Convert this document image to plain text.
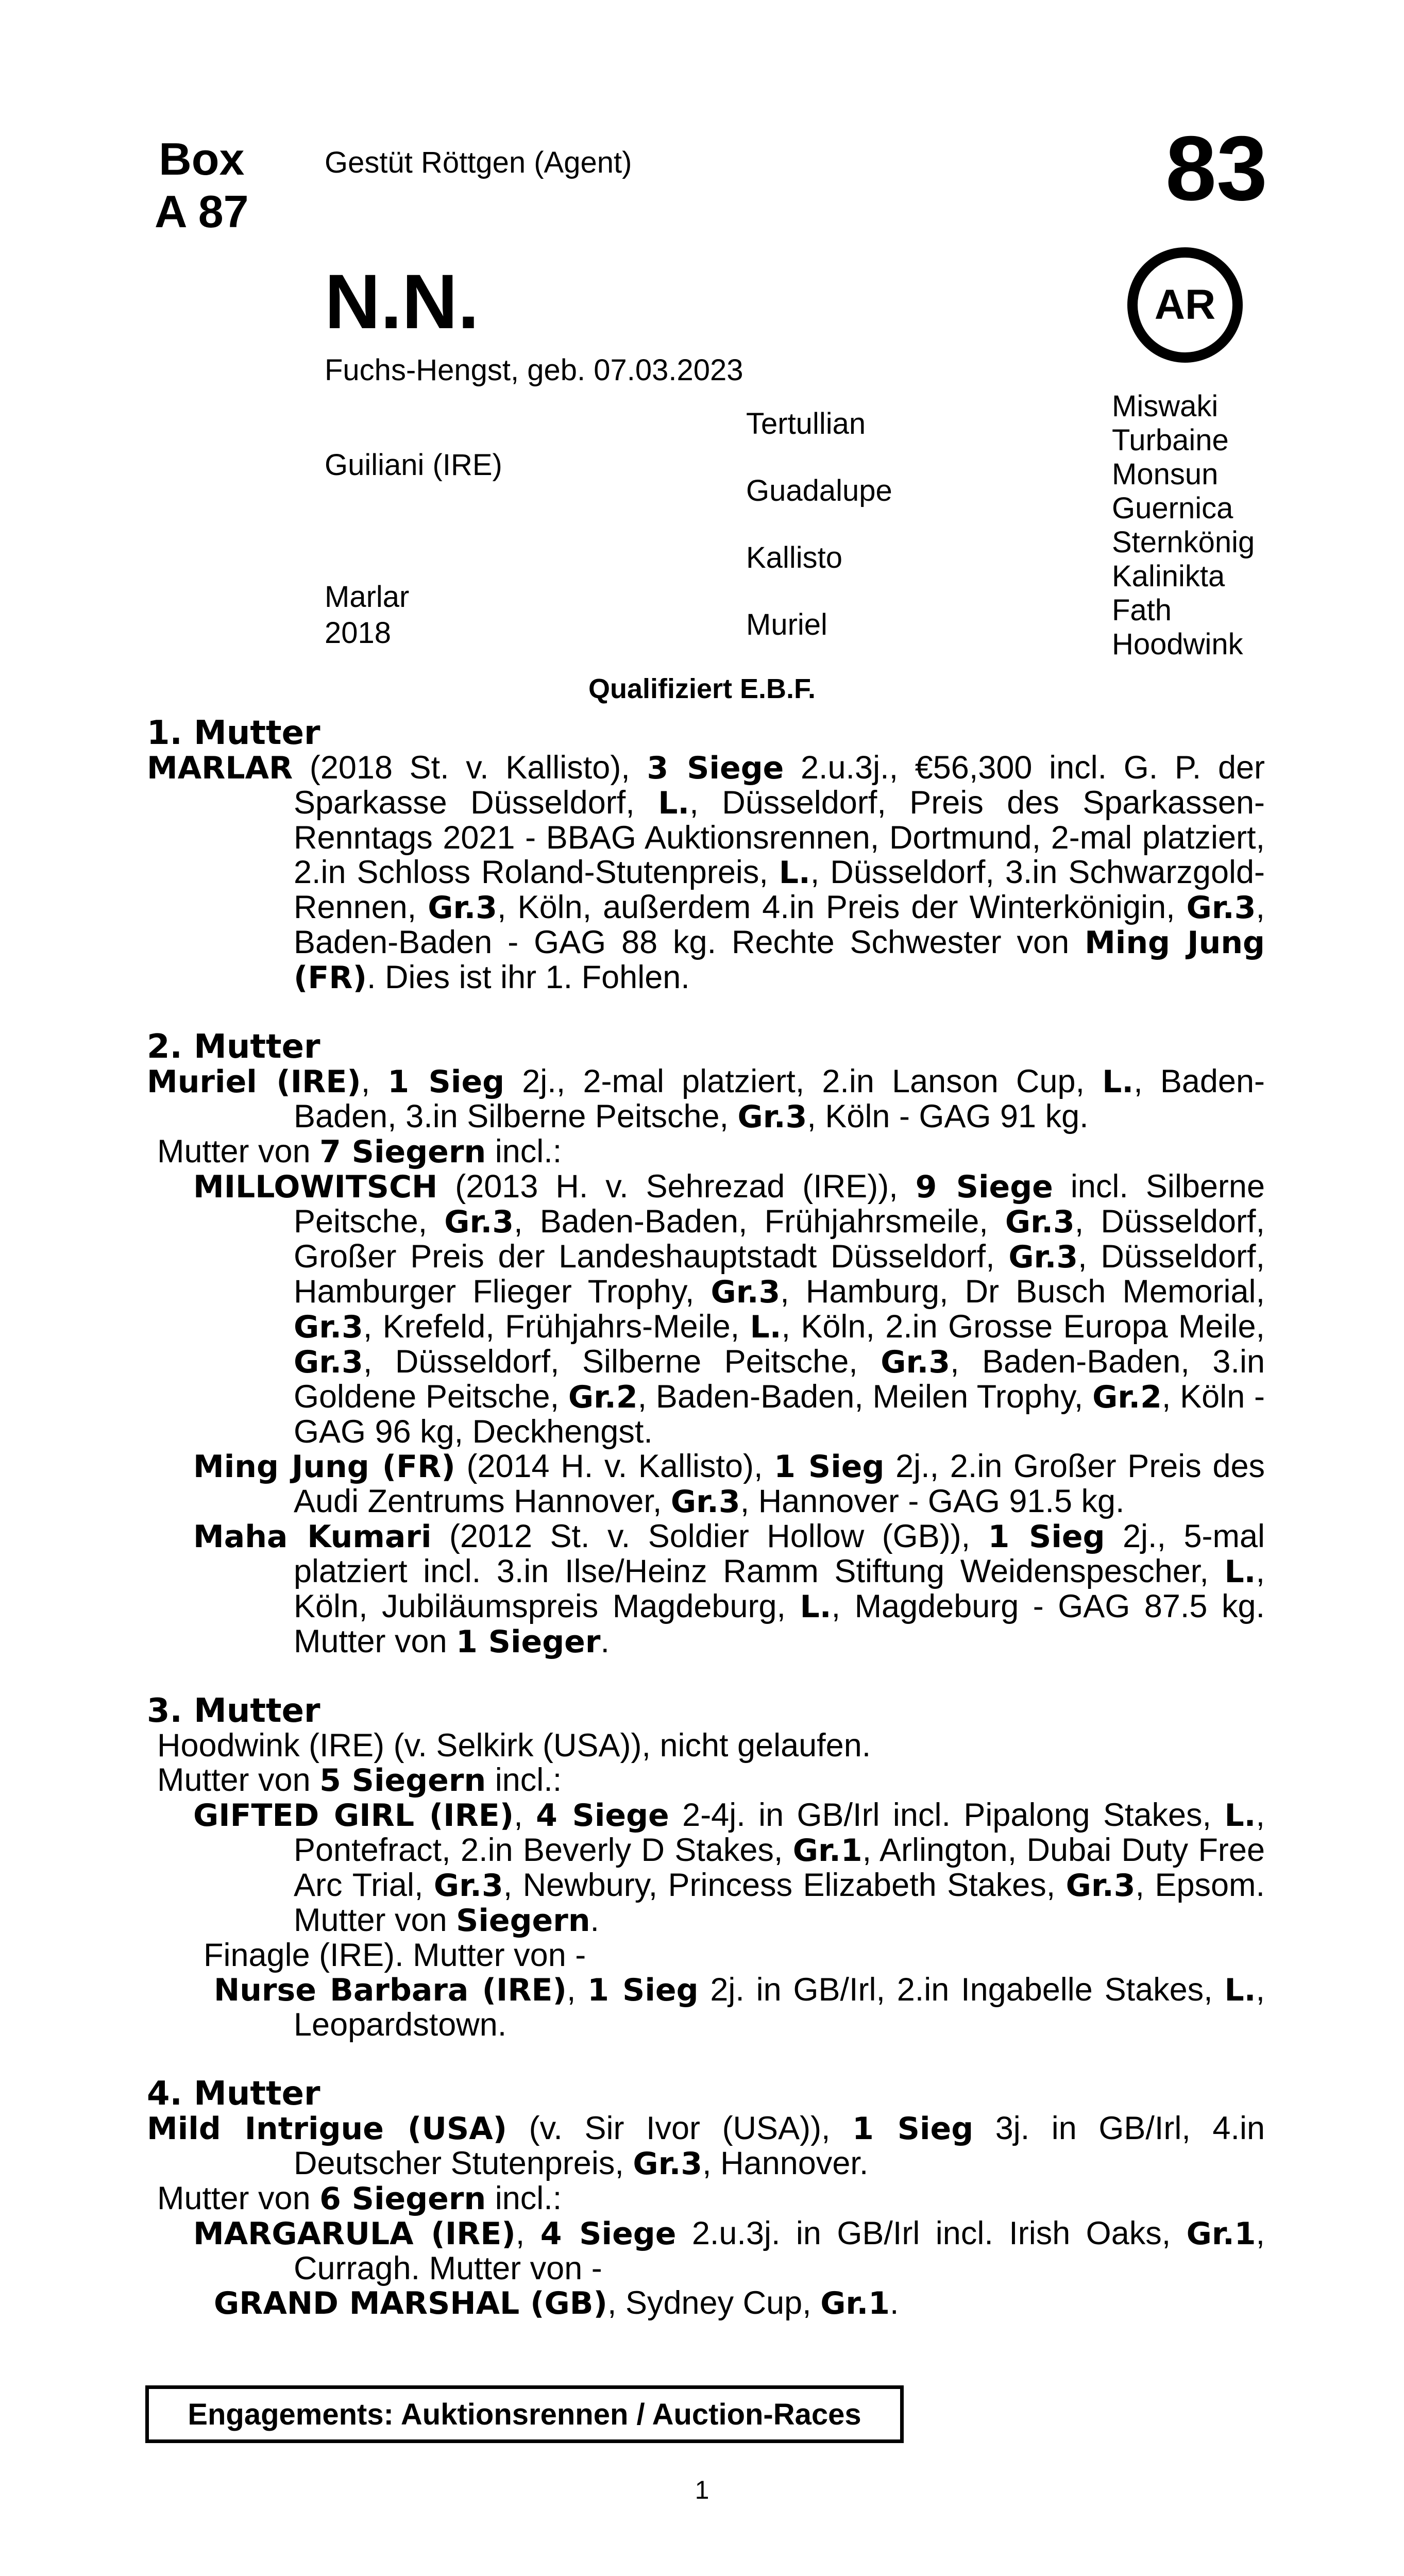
Box
A 87
Gestüt Röttgen (Agent)	83
AR
N.N.
Fuchs-Hengst, geb. 07.03.2023
Guiliani (IRE)
Marlar
2018
Tertullian
Guadalupe
Kallisto
Muriel
Miswaki
Turbaine
Monsun
Guernica
Sternkönig
Kalinikta
Fath
Hoodwink
Qualifiziert E.B.F.
1. Mutter
MARLAR (2018 St. v. Kallisto), 3 Siege 2.u.3j., €56,300 incl. G. P. der Sparkasse Düsseldorf, L., Düsseldorf, Preis des Sparkassen-Renntags 2021 - BBAG Auktionsrennen, Dortmund, 2-mal platziert, 2.in Schloss Roland-Stutenpreis, L., Düsseldorf, 3.in Schwarzgold-Rennen, Gr.3, Köln, außerdem 4.in Preis der Winterkönigin, Gr.3, Baden-Baden - GAG 88 kg. Rechte Schwester von Ming Jung (FR). Dies ist ihr 1. Fohlen.
2. Mutter
Muriel (IRE), 1 Sieg 2j., 2-mal platziert, 2.in Lanson Cup, L., Baden-Baden, 3.in Silberne Peitsche, Gr.3, Köln - GAG 91 kg.
Mutter von 7 Siegern incl.:
MILLOWITSCH (2013 H. v. Sehrezad (IRE)), 9 Siege incl. Silberne Peitsche, Gr.3, Baden-Baden, Frühjahrsmeile, Gr.3, Düsseldorf, Großer Preis der Landeshauptstadt Düsseldorf, Gr.3, Düsseldorf, Hamburger Flieger Trophy, Gr.3, Hamburg, Dr Busch Memorial, Gr.3, Krefeld, Frühjahrs-Meile, L., Köln, 2.in Grosse Europa Meile, Gr.3, Düsseldorf, Silberne Peitsche, Gr.3, Baden-Baden, 3.in Goldene Peitsche, Gr.2, Baden-Baden, Meilen Trophy, Gr.2, Köln - GAG 96 kg, Deckhengst.
Ming Jung (FR) (2014 H. v. Kallisto), 1 Sieg 2j., 2.in Großer Preis des Audi Zentrums Hannover, Gr.3, Hannover - GAG 91.5 kg.
Maha Kumari (2012 St. v. Soldier Hollow (GB)), 1 Sieg 2j., 5-mal platziert incl. 3.in Ilse/Heinz Ramm Stiftung Weidenspescher, L., Köln, Jubiläumspreis Magdeburg, L., Magdeburg - GAG 87.5 kg. Mutter von 1 Sieger.
3. Mutter
Hoodwink (IRE) (v. Selkirk (USA)), nicht gelaufen.
Mutter von 5 Siegern incl.:
GIFTED GIRL (IRE), 4 Siege 2-4j. in GB/Irl incl. Pipalong Stakes, L., Pontefract, 2.in Beverly D Stakes, Gr.1, Arlington, Dubai Duty Free Arc Trial, Gr.3, Newbury, Princess Elizabeth Stakes, Gr.3, Epsom. Mutter von Siegern.
Finagle (IRE). Mutter von -
Nurse Barbara (IRE), 1 Sieg 2j. in GB/Irl, 2.in Ingabelle Stakes, L., Leopardstown.
4. Mutter
Mild Intrigue (USA) (v. Sir Ivor (USA)), 1 Sieg 3j. in GB/Irl, 4.in Deutscher Stutenpreis, Gr.3, Hannover.
Mutter von 6 Siegern incl.:
MARGARULA (IRE), 4 Siege 2.u.3j. in GB/Irl incl. Irish Oaks, Gr.1, Curragh. Mutter von -
GRAND MARSHAL (GB), Sydney Cup, Gr.1.
Engagements: Auktionsrennen / Auction-Races
1
